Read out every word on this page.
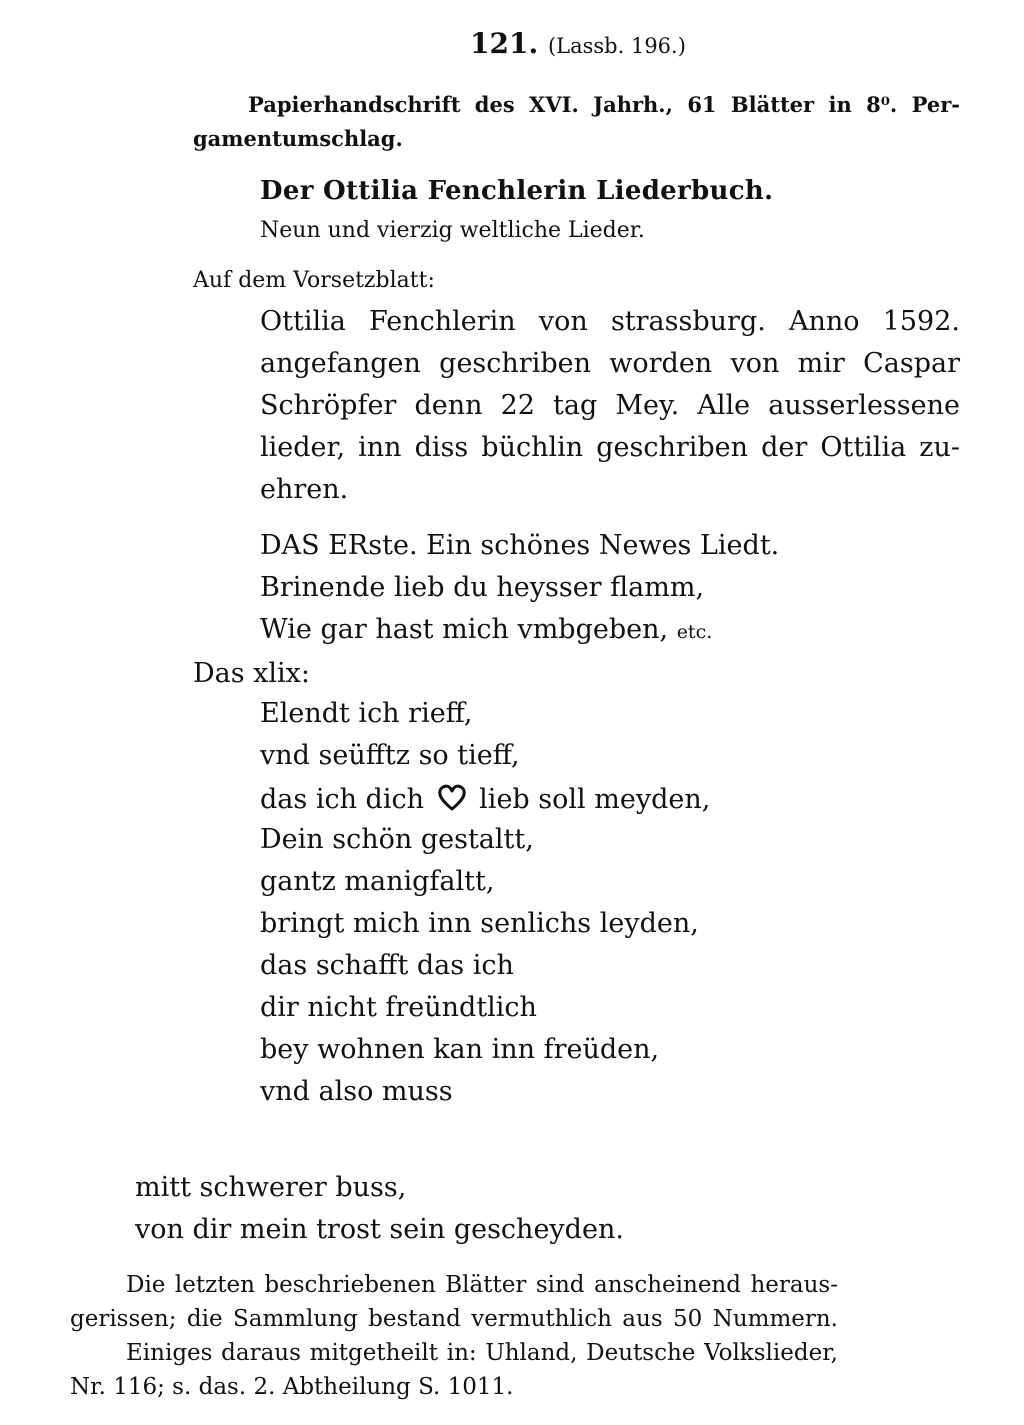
121. (Lassb. 196.)
Papierhandschrift des XVI. Jahrh., 61 Blätter in 8⁰. Per-
gamentumschlag.
Der Ottilia Fenchlerin Liederbuch.
Neun und vierzig weltliche Lieder.
Auf dem Vorsetzblatt:
Ottilia Fenchlerin von strassburg. Anno 1592.
angefangen geschriben worden von mir Caspar
Schröpfer denn 22 tag Mey. Alle ausserlessene
lieder, inn diss büchlin geschriben der Ottilia zu-
ehren.
DAS ERste. Ein schönes Newes Liedt.
Brinende lieb du heysser flamm,
Wie gar hast mich vmbgeben, etc.
Das xlix:
Elendt ich rieff,
vnd seüfftz so tieff,
das ich dich lieb soll meyden,
Dein schön gestaltt,
gantz manigfaltt,
bringt mich inn senlichs leyden,
das schafft das ich
dir nicht freündtlich
bey wohnen kan inn freüden,
vnd also muss
mitt schwerer buss,
von dir mein trost sein gescheyden.
Die letzten beschriebenen Blätter sind anscheinend heraus-
gerissen; die Sammlung bestand vermuthlich aus 50 Nummern.
Einiges daraus mitgetheilt in: Uhland, Deutsche Volkslieder,
Nr. 116; s. das. 2. Abtheilung S. 1011.
